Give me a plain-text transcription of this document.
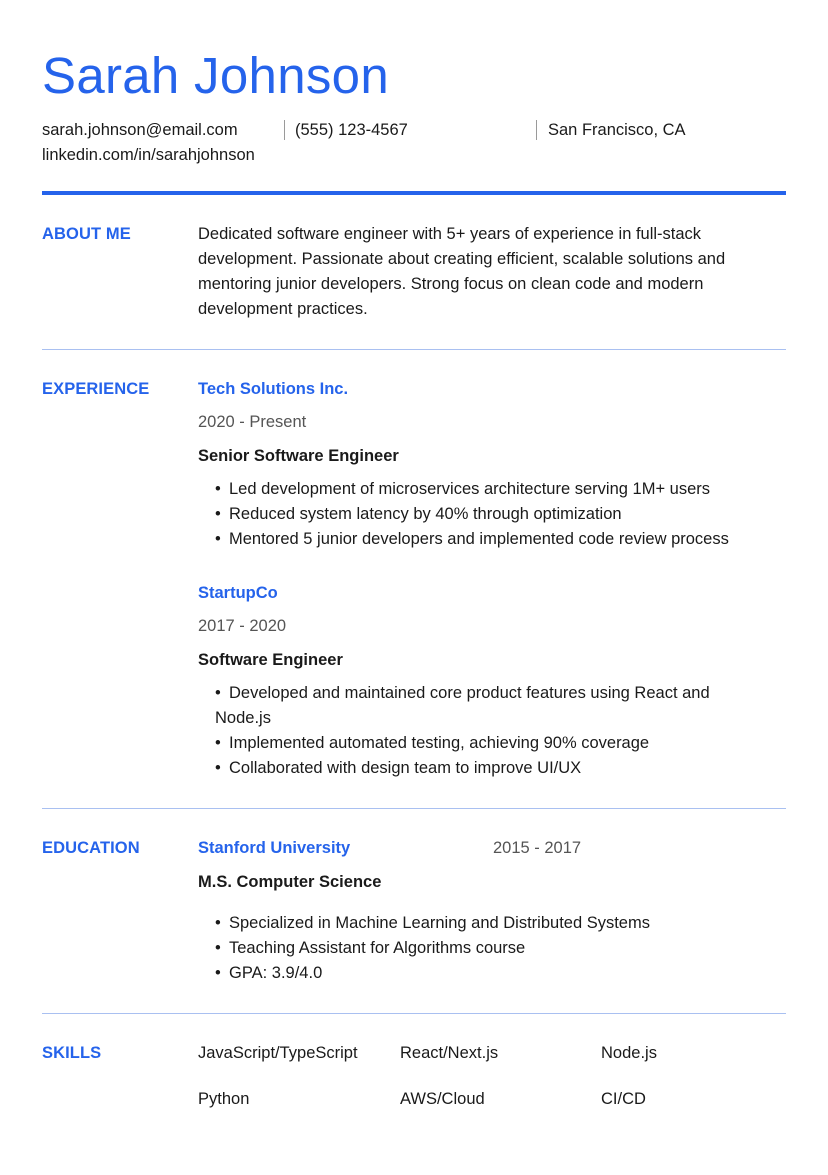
Sarah Johnson
sarah.johnson@email.com	(555) 123-4567	San Francisco, CA
linkedin.com/in/sarahjohnson
ABOUT ME	Dedicated software engineer with 5+ years of experience in full-stack development. Passionate about creating efficient, scalable solutions and mentoring junior developers. Strong focus on clean code and modern development practices.
EXPERIENCE	Tech Solutions Inc.
2020 - Present
Senior Software Engineer
• Led development of microservices architecture serving 1M+ users
• Reduced system latency by 40% through optimization
• Mentored 5 junior developers and implemented code review process
StartupCo
2017 - 2020
Software Engineer
• Developed and maintained core product features using React and Node.js
• Implemented automated testing, achieving 90% coverage
• Collaborated with design team to improve UI/UX
EDUCATION	Stanford University	2015 - 2017
M.S. Computer Science
• Specialized in Machine Learning and Distributed Systems
• Teaching Assistant for Algorithms course
• GPA: 3.9/4.0
SKILLS	JavaScript/TypeScript	React/Next.js	Node.js
Python	AWS/Cloud	CI/CD
